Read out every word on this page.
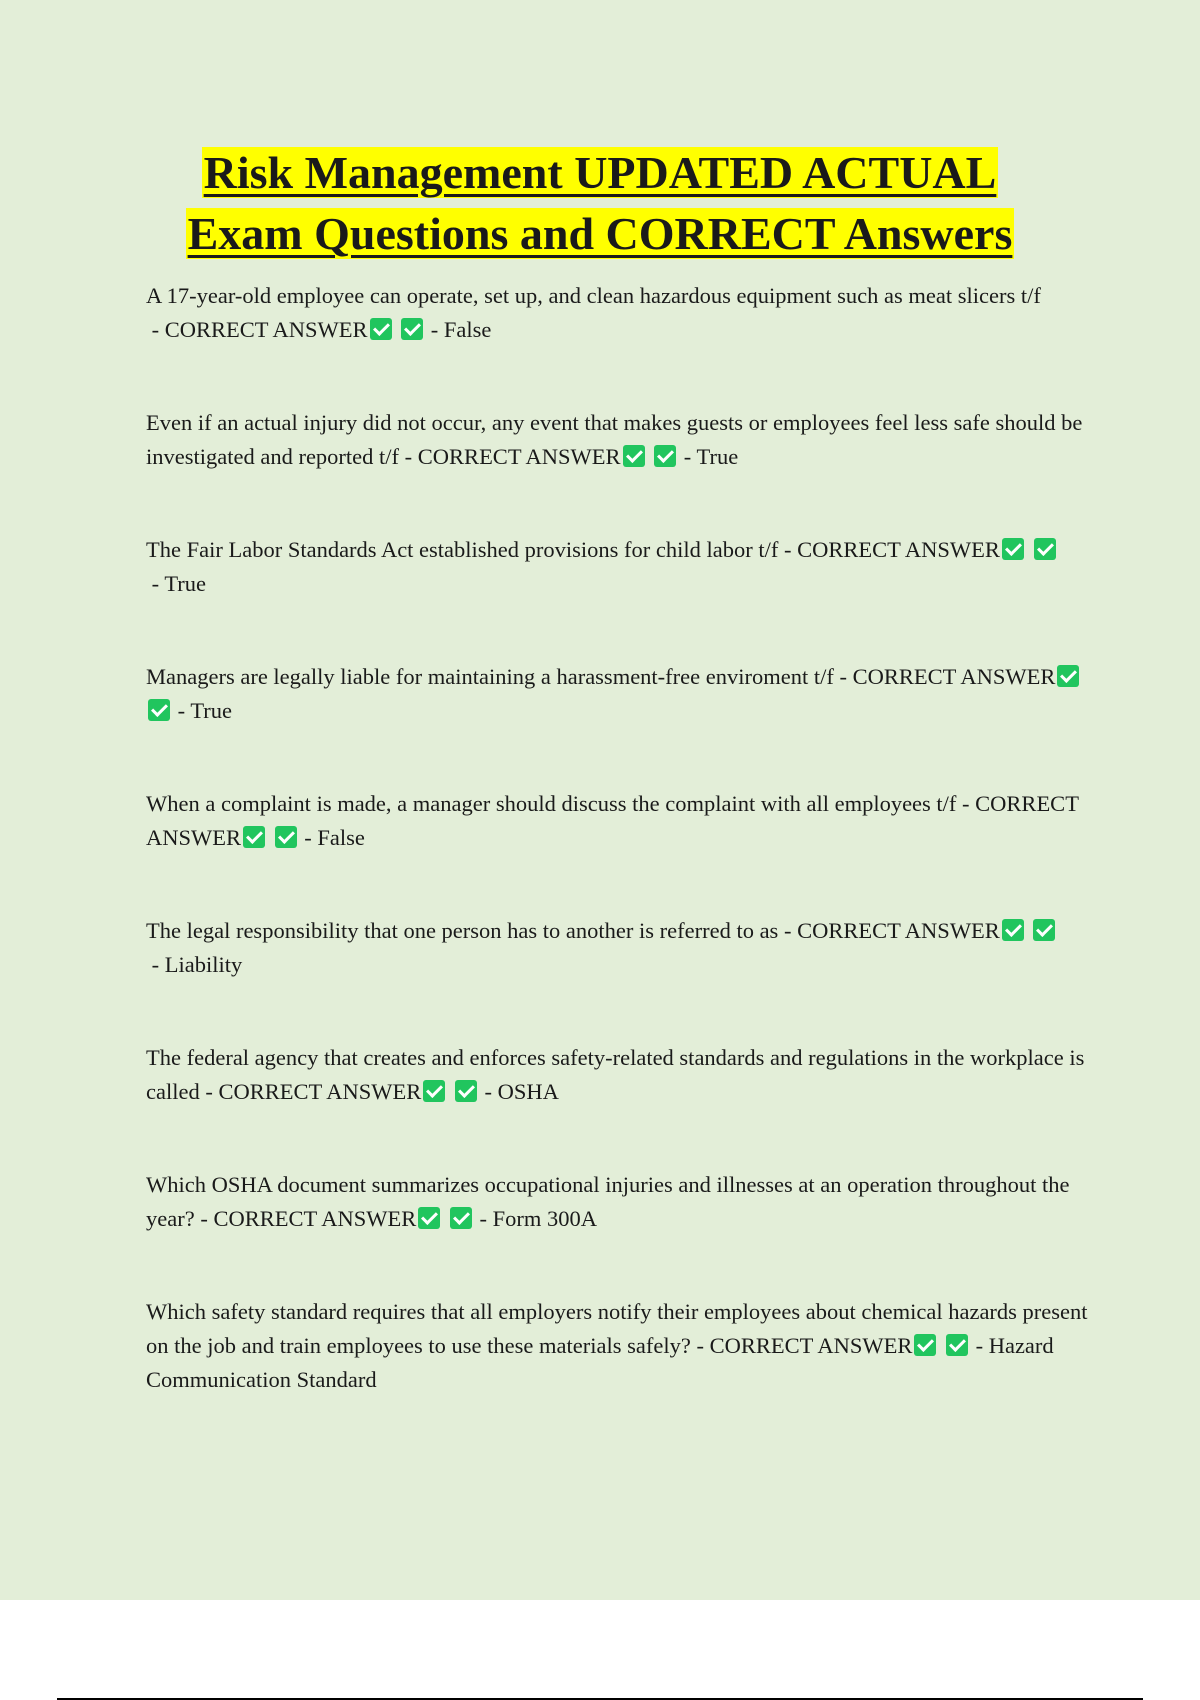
Risk Management UPDATED ACTUAL
Exam Questions and CORRECT Answers

A 17-year-old employee can operate, set up, and clean hazardous equipment such as meat slicers t/f - CORRECT ANSWER	- False

Even if an actual injury did not occur, any event that makes guests or employees feel less safe should be investigated and reported t/f - CORRECT ANSWER	- True

The Fair Labor Standards Act established provisions for child labor t/f - CORRECT ANSWER  - True

Managers are legally liable for maintaining a harassment-free enviroment t/f - CORRECT ANSWER  - True

When a complaint is made, a manager should discuss the complaint with all employees t/f - CORRECT ANSWER	- False

The legal responsibility that one person has to another is referred to as - CORRECT ANSWER  - Liability

The federal agency that creates and enforces safety-related standards and regulations in the workplace is called - CORRECT ANSWER	- OSHA

Which OSHA document summarizes occupational injuries and illnesses at an operation throughout the year? - CORRECT ANSWER	- Form 300A

Which safety standard requires that all employers notify their employees about chemical hazards present on the job and train employees to use these materials safely? - CORRECT ANSWER	- Hazard Communication Standard
